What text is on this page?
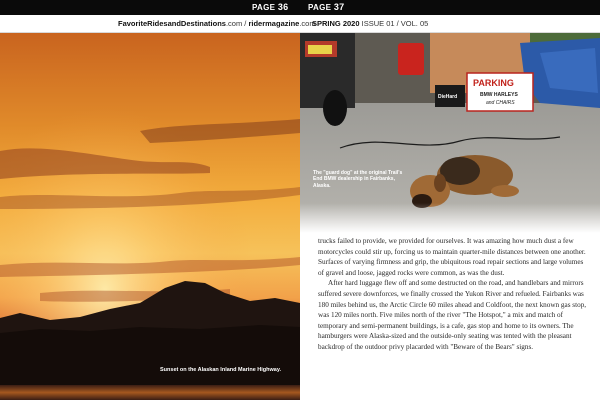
PAGE 36 PAGE 37
FavoriteRidesandDestinations.com / ridermagazine.com
SPRING 2020 ISSUE 01 / VOL. 05
Sunset on the Alaskan Inland Marine Highway.
DieHard
PARKING
BMW HARLEYS
and CHAIRS
The "guard dog" at the original Trail's End BMW dealership in Fairbanks, Alaska.

trucks failed to provide, we provided for ourselves. It was amazing how much dust a few motorcycles could stir up, forcing us to maintain quarter-mile distances between one another. Surfaces of varying firmness and grip, the ubiquitous road repair sections and large volumes of gravel and loose, jagged rocks were common, as was the dust.

After hard luggage flew off and some destructed on the road, and handlebars and mirrors suffered severe downforces, we finally crossed the Yukon River and refueled. Fairbanks was 180 miles behind us, the Arctic Circle 60 miles ahead and Coldfoot, the next known gas stop, was 120 miles north. Five miles north of the river "The Hotspot," a mix and match of temporary and semi-permanent buildings, is a cafe, gas stop and home to its owners. The hamburgers were Alaska-sized and the outside-only seating was tented with the pleasant backdrop of the outdoor privy placarded with "Beware of the Bears" signs.
